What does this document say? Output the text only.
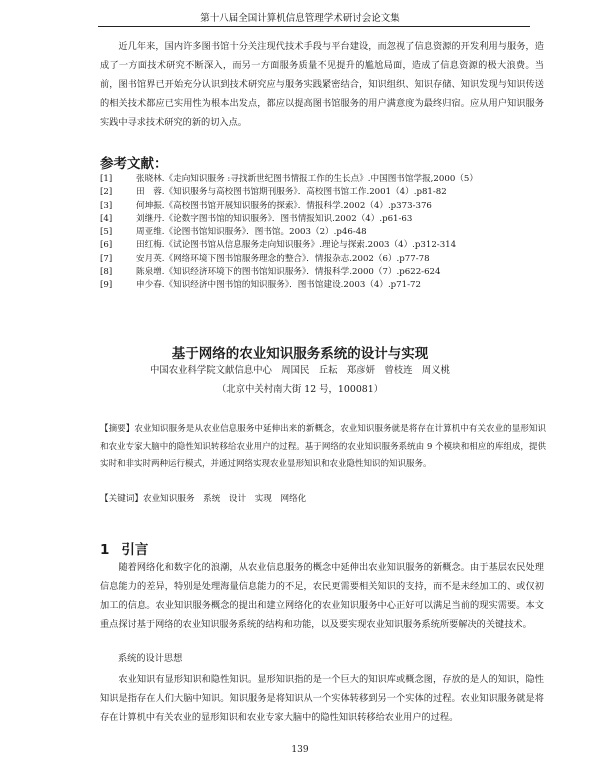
第十八届全国计算机信息管理学术研讨会论文集

近几年来，国内许多图书馆十分关注现代技术手段与平台建设，而忽视了信息资源的开发利用与服务，造成了一方面技术研究不断深入，而另一方面服务质量不见提升的尴尬局面，造成了信息资源的极大浪费。当前，图书馆界已开始充分认识到技术研究应与服务实践紧密结合，知识组织、知识存储、知识发现与知识传送的相关技术都应已实用性为根本出发点，都应以提高图书馆服务的用户满意度为最终归宿。应从用户知识服务实践中寻求技术研究的新的切入点。

参考文献：
[1]	张晓林.《走向知识服务 :寻找新世纪图书情报工作的生长点》.中国图书馆学报,2000（5）
[2]	田　蓉.《知识服务与高校图书馆期刊服务》．高校图书馆工作.2001（4）.p81-82
[3]	何坤振.《高校图书馆开展知识服务的探索》．情报科学.2002（4）.p373-376
[4]	刘继丹.《论数字图书馆的知识服务》．图书情报知识.2002（4）.p61-63
[5]	周亚维.《论图书馆知识服务》．图书馆。2003（2）.p46-48
[6]	田红梅.《试论图书馆从信息服务走向知识服务》.理论与探索.2003（4）.p312-314
[7]	安月英.《网络环境下图书馆服务理念的整合》．情报杂志.2002（6）.p77-78
[8]	陈泉增.《知识经济环境下的图书馆知识服务》．情报科学.2000（7）.p622-624
[9]	申少春.《知识经济中图书馆的知识服务》．图书馆建设.2003（4）.p71-72
基于网络的农业知识服务系统的设计与实现

中国农业科学院文献信息中心　周国民　丘耘　郑彦妍　曾枝连　周义桃

（北京中关村南大街 12 号，100081）

【摘要】农业知识服务是从农业信息服务中延伸出来的新概念，农业知识服务就是将存在计算机中有关农业的显形知识和农业专家大脑中的隐性知识转移给农业用户的过程。基于网络的农业知识服务系统由 9 个模块和相应的库组成，提供实时和非实时两种运行模式，并通过网络实现农业显形知识和农业隐性知识的知识服务。

【关键词】农业知识服务　系统　设计　实现　网络化

1 引言

随着网络化和数字化的浪潮，从农业信息服务的概念中延伸出农业知识服务的新概念。由于基层农民处理信息能力的差异，特别是处理海量信息能力的不足，农民更需要相关知识的支持，而不是未经加工的、或仅初加工的信息。农业知识服务概念的提出和建立网络化的农业知识服务中心正好可以满足当前的现实需要。本文重点探讨基于网络的农业知识服务系统的结构和功能，以及要实现农业知识服务系统所要解决的关键技术。

系统的设计思想

农业知识有显形知识和隐性知识。显形知识指的是一个巨大的知识库或概念图，存放的是人的知识，隐性知识是指存在人们大脑中知识。知识服务是将知识从一个实体转移到另一个实体的过程。农业知识服务就是将存在计算机中有关农业的显形知识和农业专家大脑中的隐性知识转移给农业用户的过程。

139
